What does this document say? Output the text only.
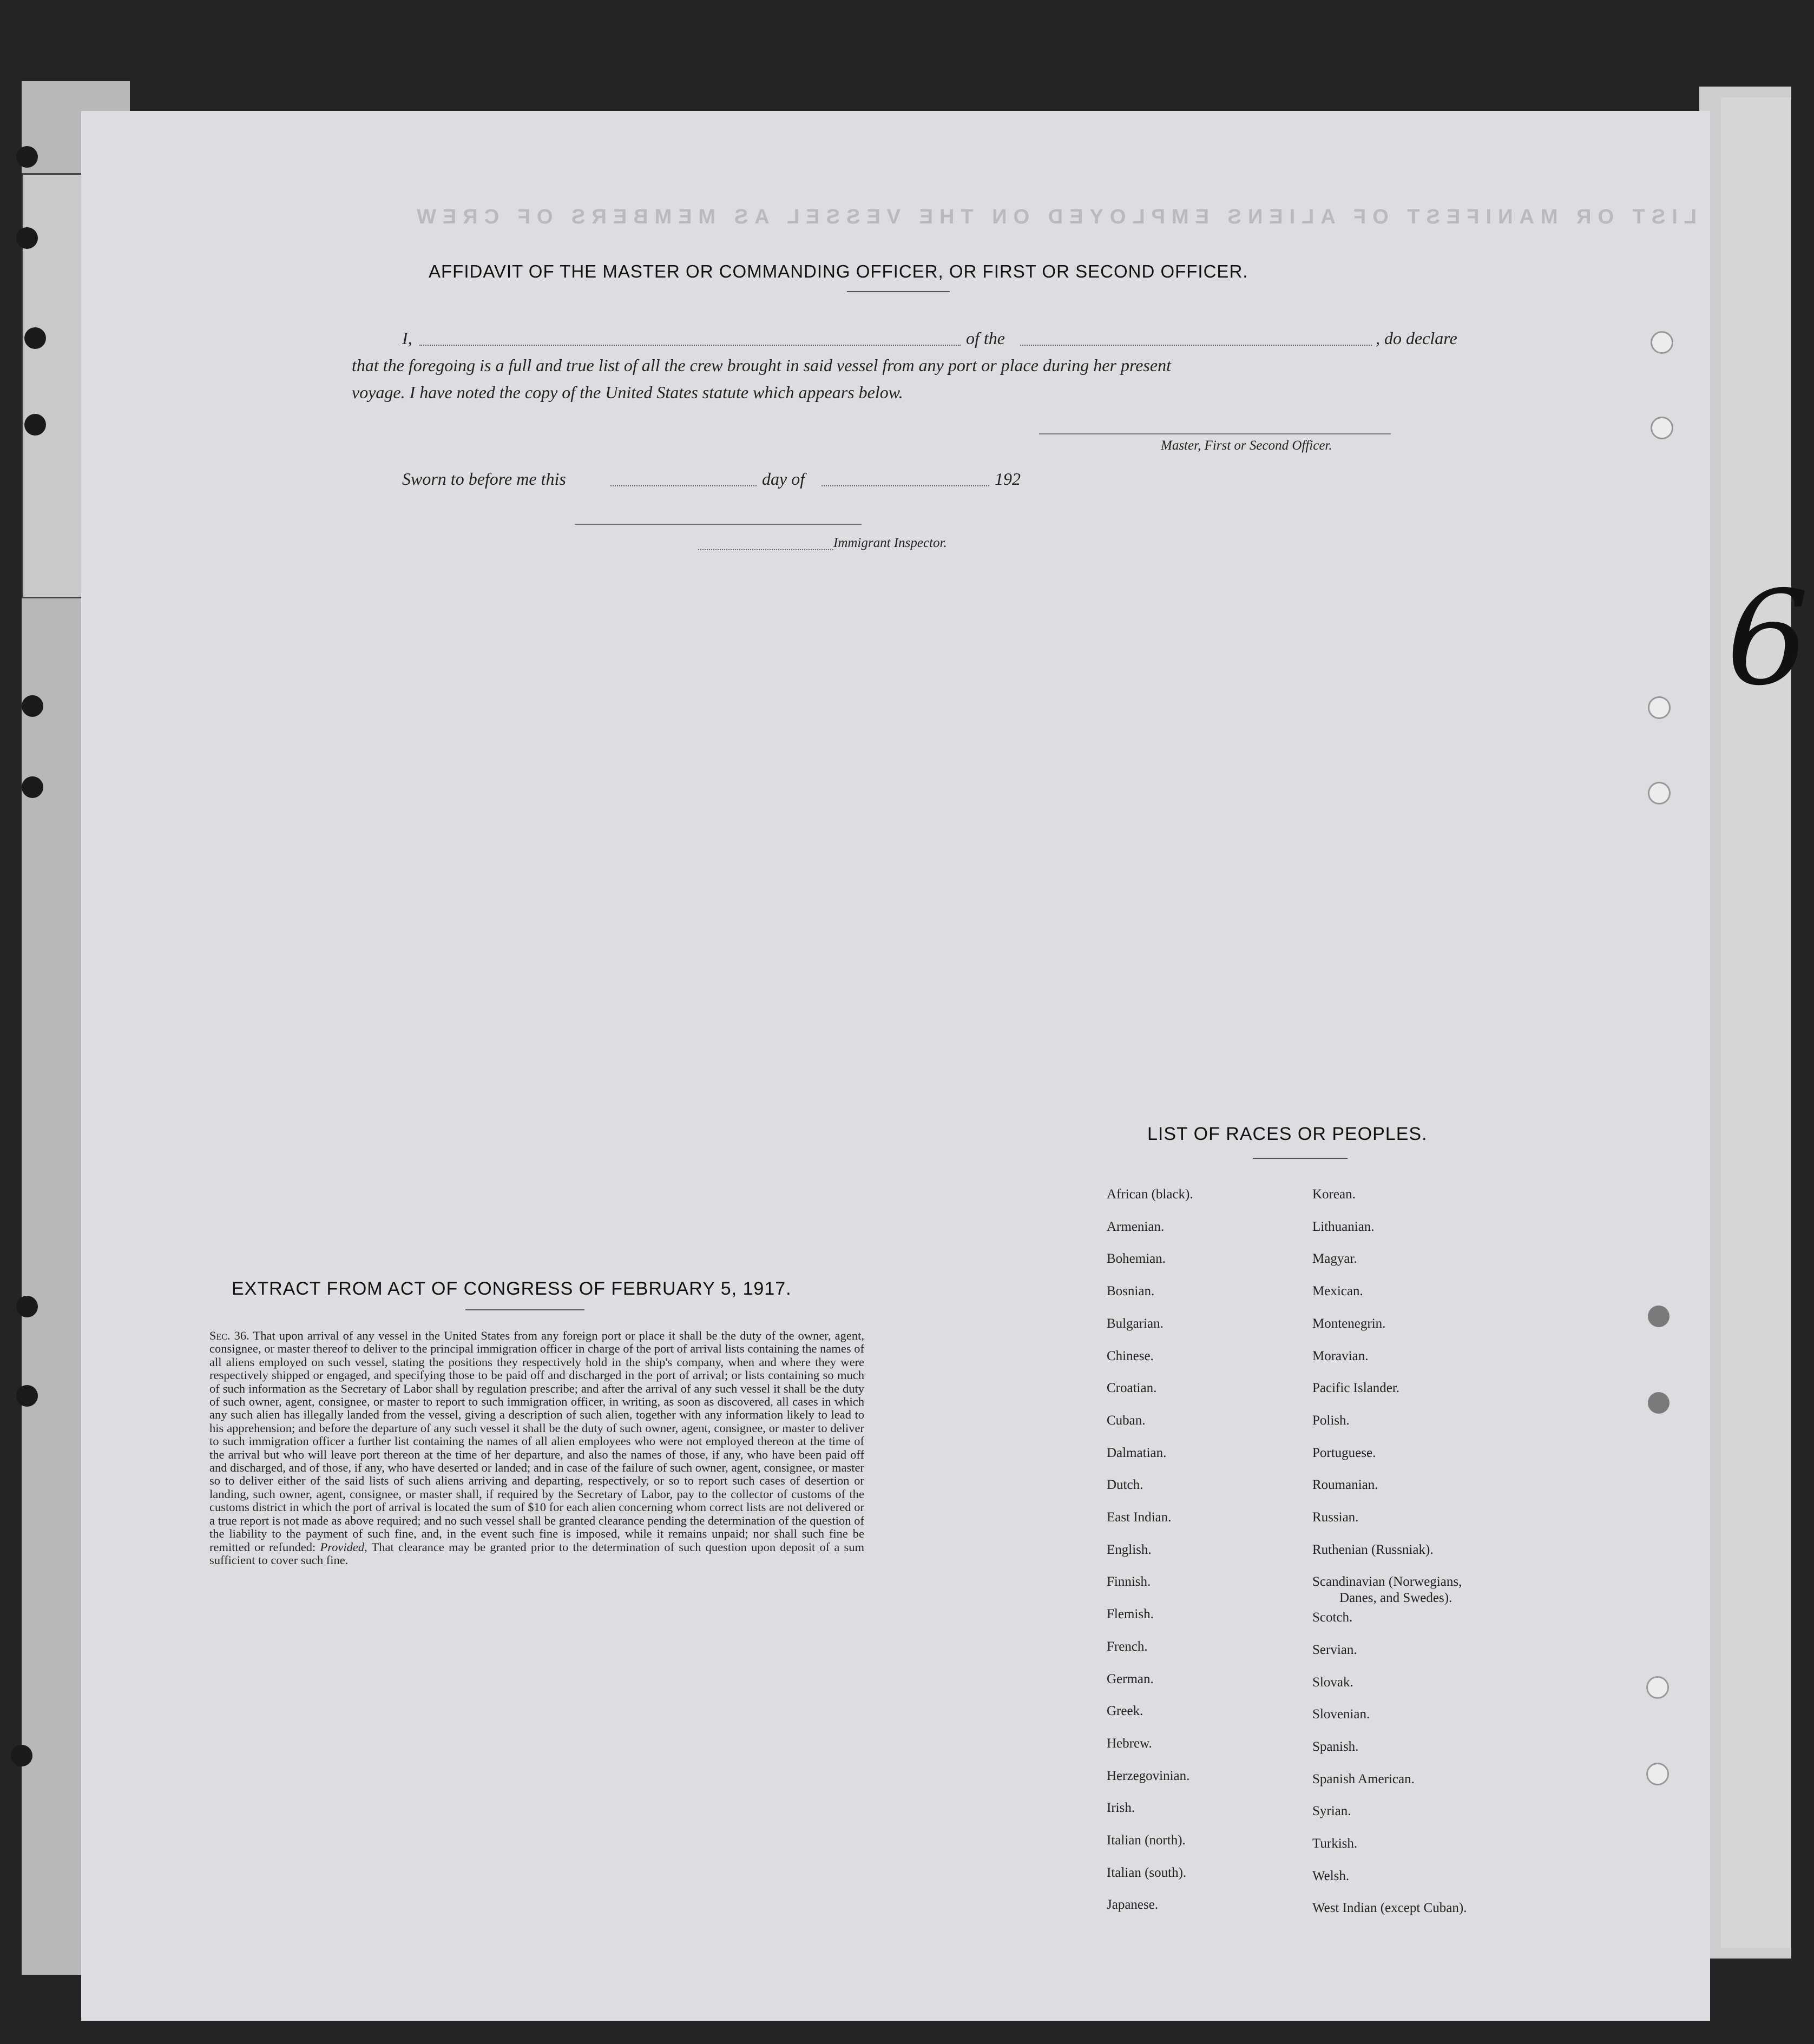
LIST OR MANIFEST OF ALIENS EMPLOYED ON THE VESSEL AS MEMBERS OF CREW
AFFIDAVIT OF THE MASTER OR COMMANDING OFFICER, OR FIRST OR SECOND OFFICER.
I,	of the	, do declare
that the foregoing is a full and true list of all the crew brought in said vessel from any port or place during her present
voyage. I have noted the copy of the United States statute which appears below.
Master, First or Second Officer.
Sworn to before me this	day of	192
Immigrant Inspector.
EXTRACT FROM ACT OF CONGRESS OF FEBRUARY 5, 1917.

Sec. 36. That upon arrival of any vessel in the United States from any foreign port or place it shall be the duty of the owner, agent, consignee, or master thereof to deliver to the principal immigration officer in charge of the port of arrival lists containing the names of all aliens employed on such vessel, stating the positions they respectively hold in the ship's company, when and where they were respectively shipped or engaged, and specifying those to be paid off and discharged in the port of arrival; or lists containing so much of such information as the Secretary of Labor shall by regulation prescribe; and after the arrival of any such vessel it shall be the duty of such owner, agent, consignee, or master to report to such immigration officer, in writing, as soon as discovered, all cases in which any such alien has illegally landed from the vessel, giving a description of such alien, together with any information likely to lead to his apprehension; and before the departure of any such vessel it shall be the duty of such owner, agent, consignee, or master to deliver to such immigration officer a further list containing the names of all alien employees who were not employed thereon at the time of the arrival but who will leave port thereon at the time of her departure, and also the names of those, if any, who have been paid off and discharged, and of those, if any, who have deserted or landed; and in case of the failure of such owner, agent, consignee, or master so to deliver either of the said lists of such aliens arriving and departing, respectively, or so to report such cases of desertion or landing, such owner, agent, consignee, or master shall, if required by the Secretary of Labor, pay to the collector of customs of the customs district in which the port of arrival is located the sum of $10 for each alien concerning whom correct lists are not delivered or a true report is not made as above required; and no such vessel shall be granted clearance pending the determination of the question of the liability to the payment of such fine, and, in the event such fine is imposed, while it remains unpaid; nor shall such fine be remitted or refunded: Provided, That clearance may be granted prior to the determination of such question upon deposit of a sum sufficient to cover such fine.

LIST OF RACES OR PEOPLES.
African (black).
Armenian.
Bohemian.
Bosnian.
Bulgarian.
Chinese.
Croatian.
Cuban.
Dalmatian.
Dutch.
East Indian.
English.
Finnish.
Flemish.
French.
German.
Greek.
Hebrew.
Herzegovinian.
Irish.
Italian (north).
Italian (south).
Japanese.
Korean.
Lithuanian.
Magyar.
Mexican.
Montenegrin.
Moravian.
Pacific Islander.
Polish.
Portuguese.
Roumanian.
Russian.
Ruthenian (Russniak).
Scandinavian (Norwegians,
Danes, and Swedes).
Scotch.
Servian.
Slovak.
Slovenian.
Spanish.
Spanish American.
Syrian.
Turkish.
Welsh.
West Indian (except Cuban).
6
